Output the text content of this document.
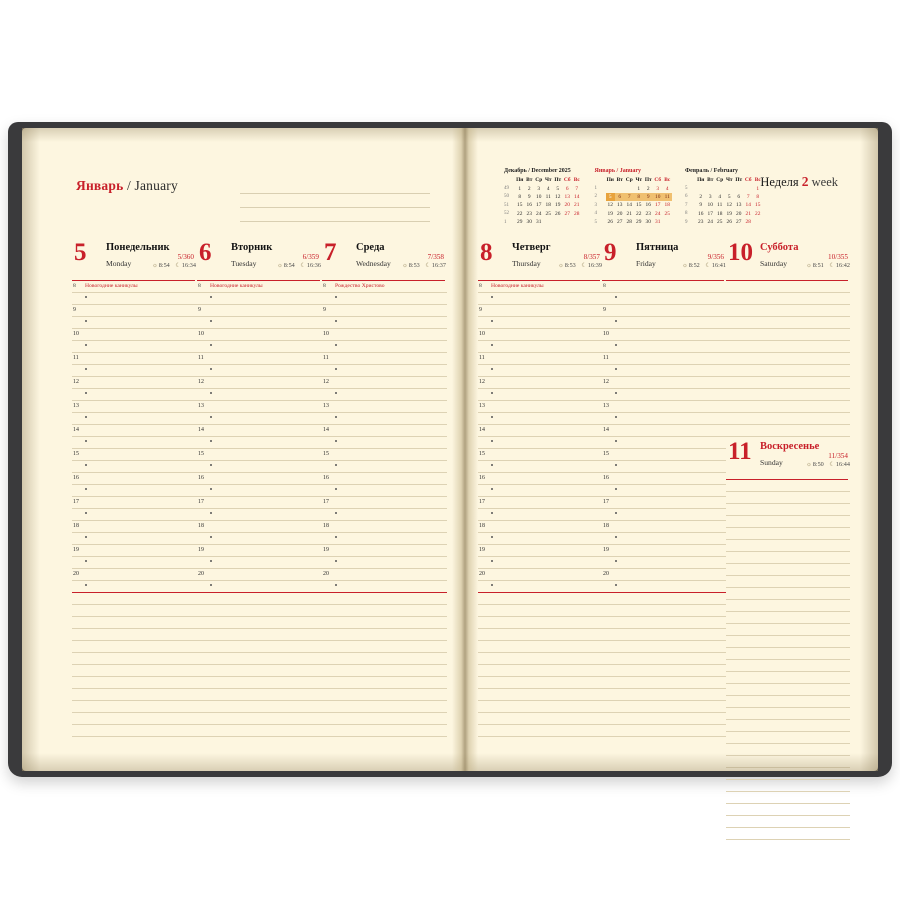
Январь / January
5 Понедельник
Monday
5/360
☼8:54 ☾16:34
8 Новогодние каникулы
9
10
11
12
13
14
15
16
17
18
19
20
6 Вторник
Tuesday
6/359
☼8:54 ☾16:36
8 Новогодние каникулы
9
10
11
12
13
14
15
16
17
18
19
20
7 Среда
Wednesday
7/358
☼8:53 ☾16:37
8 Рождество Христово
9
10
11
12
13
14
15
16
17
18
19
20
Декабрь / December 2025
	Пн	Вт	Ср	Чт	Пт	Сб	Вс
49	1	2	3	4	5	6	7
50	8	9	10	11	12	13	14
51	15	16	17	18	19	20	21
52	22	23	24	25	26	27	28
1	29	30	31				
Январь / January
	Пн	Вт	Ср	Чт	Пт	Сб	Вс
1				1	2	3	4
2	5	6	7	8	9	10	11
3	12	13	14	15	16	17	18
4	19	20	21	22	23	24	25
5	26	27	28	29	30	31	
Февраль / February
	Пн	Вт	Ср	Чт	Пт	Сб	Вс
5							1
6	2	3	4	5	6	7	8
7	9	10	11	12	13	14	15
8	16	17	18	19	20	21	22
9	23	24	25	26	27	28	
Неделя 2 week
8 Четверг
Thursday
8/357
☼8:53 ☾16:39
8 Новогодние каникулы
9
10
11
12
13
14
15
16
17
18
19
20
9 Пятница
Friday
9/356
☼8:52 ☾16:41
8
9
10
11
12
13
14
15
16
17
18
19
20
10 Суббота
Saturday
10/355
☼8:51 ☾16:42
11 Воскресенье
Sunday
11/354
☼8:50 ☾16:44
